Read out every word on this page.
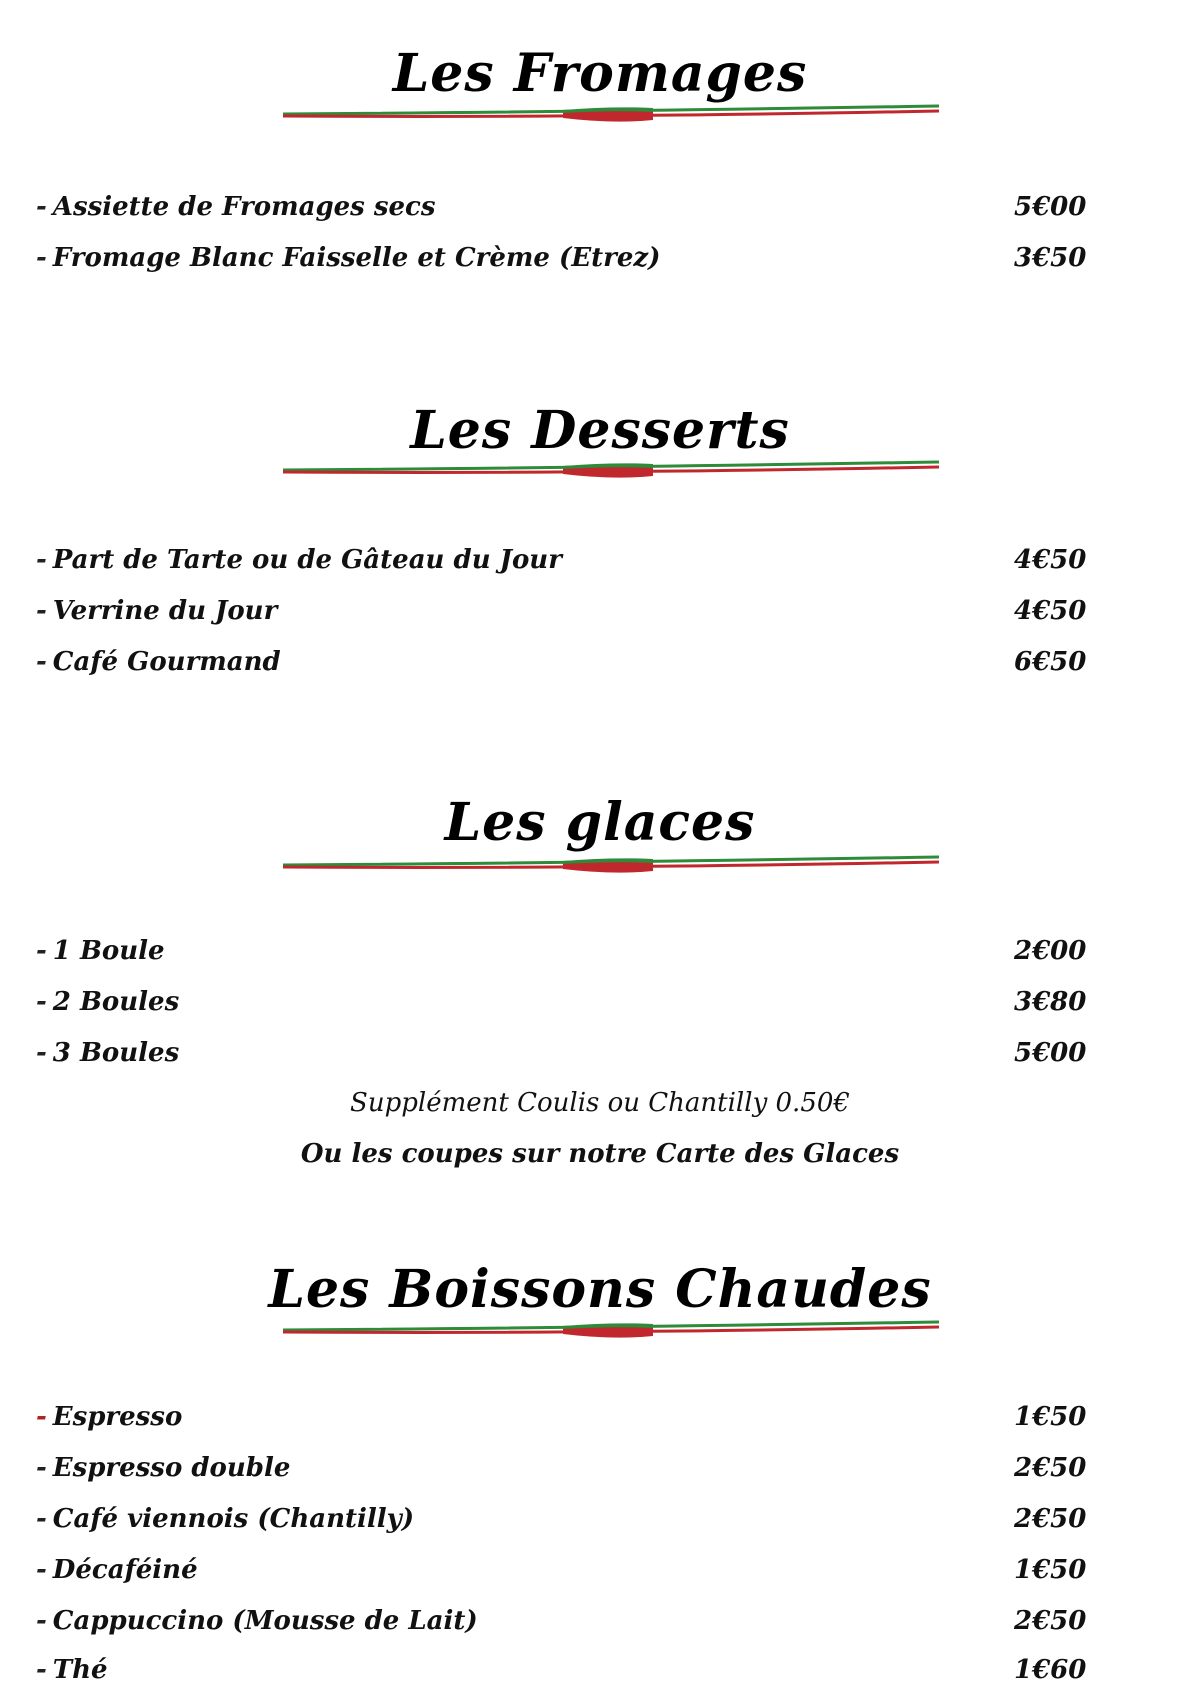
Les Fromages
- Assiette de Fromages secs	5€00
- Fromage Blanc Faisselle et Crème (Etrez)	3€50
Les Desserts
- Part de Tarte ou de Gâteau du Jour	4€50
- Verrine du Jour	4€50
- Café Gourmand	6€50
Les glaces
- 1 Boule	2€00
- 2 Boules	3€80
- 3 Boules	5€00
Supplément Coulis ou Chantilly 0.50€
Ou les coupes sur notre Carte des Glaces
Les Boissons Chaudes
- Espresso	1€50
- Espresso double	2€50
- Café viennois (Chantilly)	2€50
- Décaféiné	1€50
- Cappuccino (Mousse de Lait)	2€50
- Thé	1€60
